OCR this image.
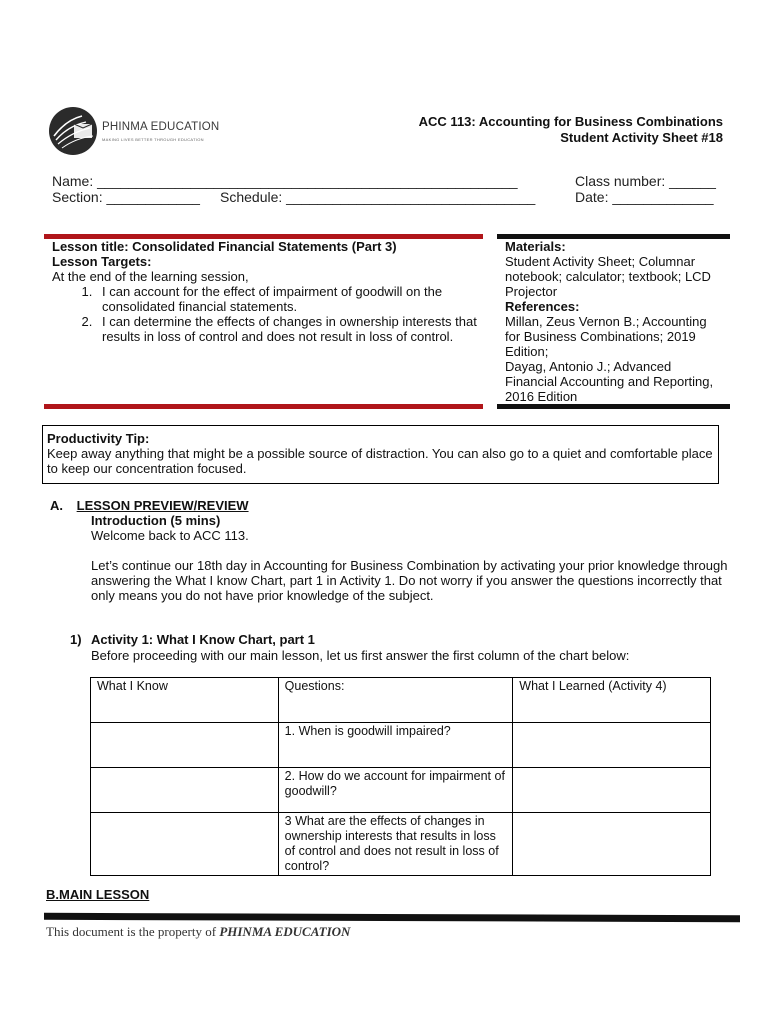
PHINMA EDUCATION
MAKING LIVES BETTER THROUGH EDUCATION
ACC 113: Accounting for Business Combinations
Student Activity Sheet #18
Name: ______________________________________________________	Class number: ______
Section: ____________ Schedule: ________________________________	Date: _____________
Lesson title: Consolidated Financial Statements (Part 3)
Lesson Targets:
At the end of the learning session,
1. I can account for the effect of impairment of goodwill on the consolidated financial statements.
2. I can determine the effects of changes in ownership interests that results in loss of control and does not result in loss of control.
Materials:
Student Activity Sheet; Columnar notebook; calculator; textbook; LCD Projector
References:
Millan, Zeus Vernon B.; Accounting for Business Combinations; 2019 Edition;
Dayag, Antonio J.; Advanced Financial Accounting and Reporting, 2016 Edition
Productivity Tip:
Keep away anything that might be a possible source of distraction. You can also go to a quiet and comfortable place to keep our concentration focused.
A. LESSON PREVIEW/REVIEW
Introduction (5 mins)
Welcome back to ACC 113.
Let’s continue our 18th day in Accounting for Business Combination by activating your prior knowledge through answering the What I know Chart, part 1 in Activity 1. Do not worry if you answer the questions incorrectly that only means you do not have prior knowledge of the subject.
1) Activity 1: What I Know Chart, part 1
Before proceeding with our main lesson, let us first answer the first column of the chart below:
What I Know	Questions:	What I Learned (Activity 4)
	1. When is goodwill impaired?	
	2. How do we account for impairment of goodwill?	
	3 What are the effects of changes in ownership interests that results in loss of control and does not result in loss of control?	
B.MAIN LESSON
This document is the property of PHINMA EDUCATION
